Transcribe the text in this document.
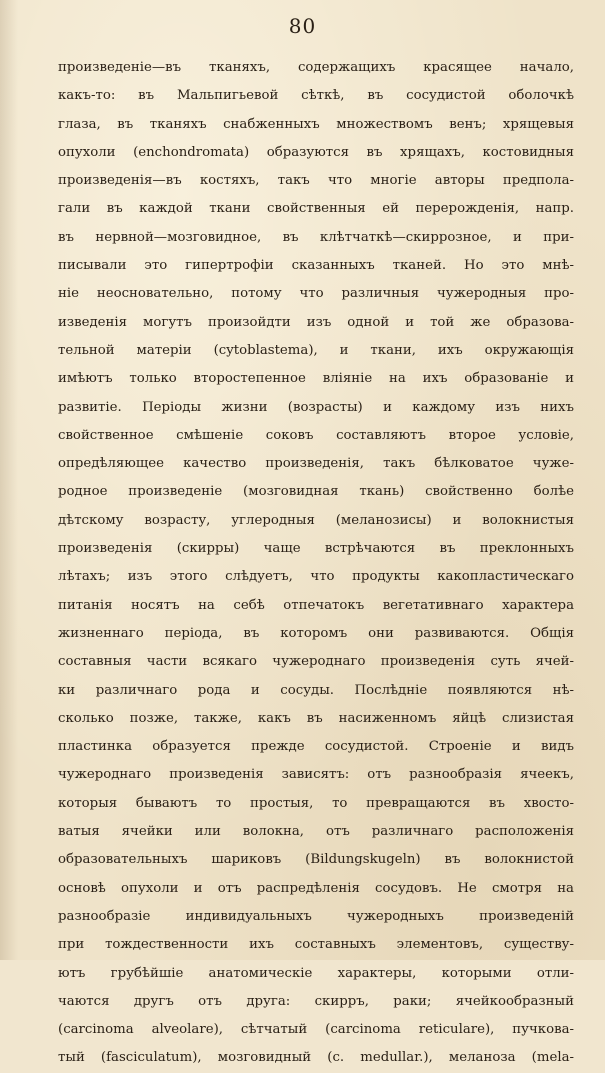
80
произведеніе—въ тканяхъ, содержащихъ красящее начало,
какъ-то: въ Мальпигьевой сѣткѣ, въ сосудистой оболочкѣ
глаза, въ тканяхъ снабженныхъ множествомъ венъ; хрящевыя
опухоли (enchondromata) образуются въ хрящахъ, костовидныя
произведенія—въ костяхъ, такъ что многіе авторы предпола-
гали въ каждой ткани свойственныя ей перерожденія, напр.
въ нервной—мозговидное, въ клѣтчаткѣ—скиррозное, и при-
писывали это гипертрофіи сказанныхъ тканей. Но это мнѣ-
ніе неосновательно, потому что различныя чужеродныя про-
изведенія могутъ произойдти изъ одной и той же образова-
тельной матеріи (cytoblastema), и ткани, ихъ окружающія
имѣютъ только второстепенное вліяніе на ихъ образованіе и
развитіе. Періоды жизни (возрасты) и каждому изъ нихъ
свойственное смѣшеніе соковъ составляютъ второе условіе,
опредѣляющее качество произведенія, такъ бѣлковатое чуже-
родное произведеніе (мозговидная ткань) свойственно болѣе
дѣтскому возрасту, углеродныя (меланозисы) и волокнистыя
произведенія (скирры) чаще встрѣчаются въ преклонныхъ
лѣтахъ; изъ этого слѣдуетъ, что продукты какопластическаго
питанія носятъ на себѣ отпечатокъ вегетативнаго характера
жизненнаго періода, въ которомъ они развиваются. Общія
составныя части всякаго чужероднаго произведенія суть ячей-
ки различнаго рода и сосуды. Послѣдніе появляются нѣ-
сколько позже, также, какъ въ насиженномъ яйцѣ слизистая
пластинка образуется прежде сосудистой. Строеніе и видъ
чужероднаго произведенія зависятъ: отъ разнообразія ячеекъ,
которыя бываютъ то простыя, то превращаются въ хвосто-
ватыя ячейки или волокна, отъ различнаго расположенія
образовательныхъ шариковъ (Bildungskugeln) въ волокнистой
основѣ опухоли и отъ распредѣленія сосудовъ. Не смотря на
разнообразіе индивидуальныхъ чужеродныхъ произведеній
при тождественности ихъ составныхъ элементовъ, существу-
ютъ грубѣйшіе анатомическіе характеры, которыми отли-
чаются другъ отъ друга: скирръ, раки; ячейкообразный
(carcinoma alveolare), сѣтчатый (carcinoma reticulare), пучкова-
тый (fasciculatum), мозговидный (c. medullar.), меланоза (mela-
